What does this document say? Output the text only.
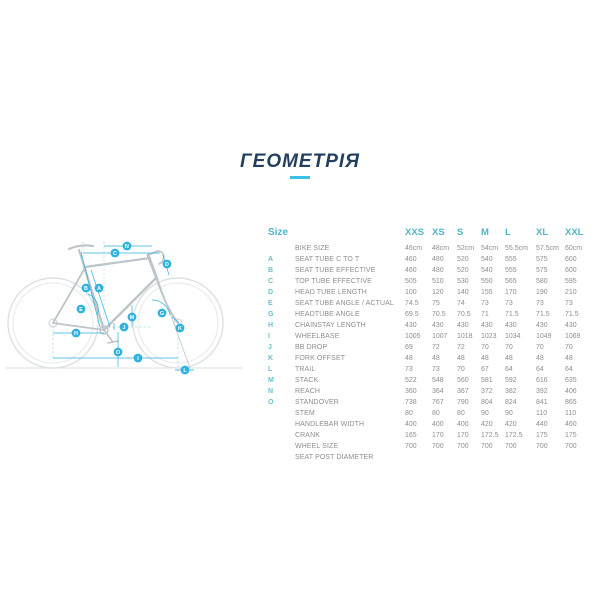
ГЕОМЕТРІЯ
N
C
D
B A
E
G
M
J
H
K
O
I
L
Size	XXS XS	S	M	L	XL	XXL
BIKE SIZE	46cm	48cm	52cm 54cm 55.5cm	57.5cm 60cm
A	SEAT TUBE C TO T	460	480	520	540	555	575	600
B	SEAT TUBE EFFECTIVE	460	480	520	540	555	575	600
C	TOP TUBE EFFECTIVE	505	510	530	550	565	580	595
D	HEAD TUBE LENGTH	100	120	140	155	170	190	210
E	SEAT TUBE ANGLE / ACTUAL	74.5	75	74	73	73	73	73
G	HEADTUBE ANGLE	69.5	70.5	70.5	71	71.5	71.5	71.5
H	CHAINSTAY LENGTH	430	430	430	430	430	430	430
I	WHEELBASE	1005	1007	1018	1023	1034	1049	1069
J	BB DROP	69	72	72	70	70	70	70
K	FORK OFFSET	48	48	48	48	48	48	48
L	TRAIL	73	73	70	67	64	64	64
M	STACK	522	548	560	581	592	616	635
N	REACH	360	364	367	372	382	392	406
O	STANDOVER	738	767	790	804	824	841	865
STEM	80	80	80	90	90	110	110
HANDLEBAR WIDTH	400	400	400	420	420	440	460
CRANK	165	170	170	172.5 172.5	175	175
WHEEL SIZE	700	700	700	700	700	700	700
SEAT POST DIAMETER
